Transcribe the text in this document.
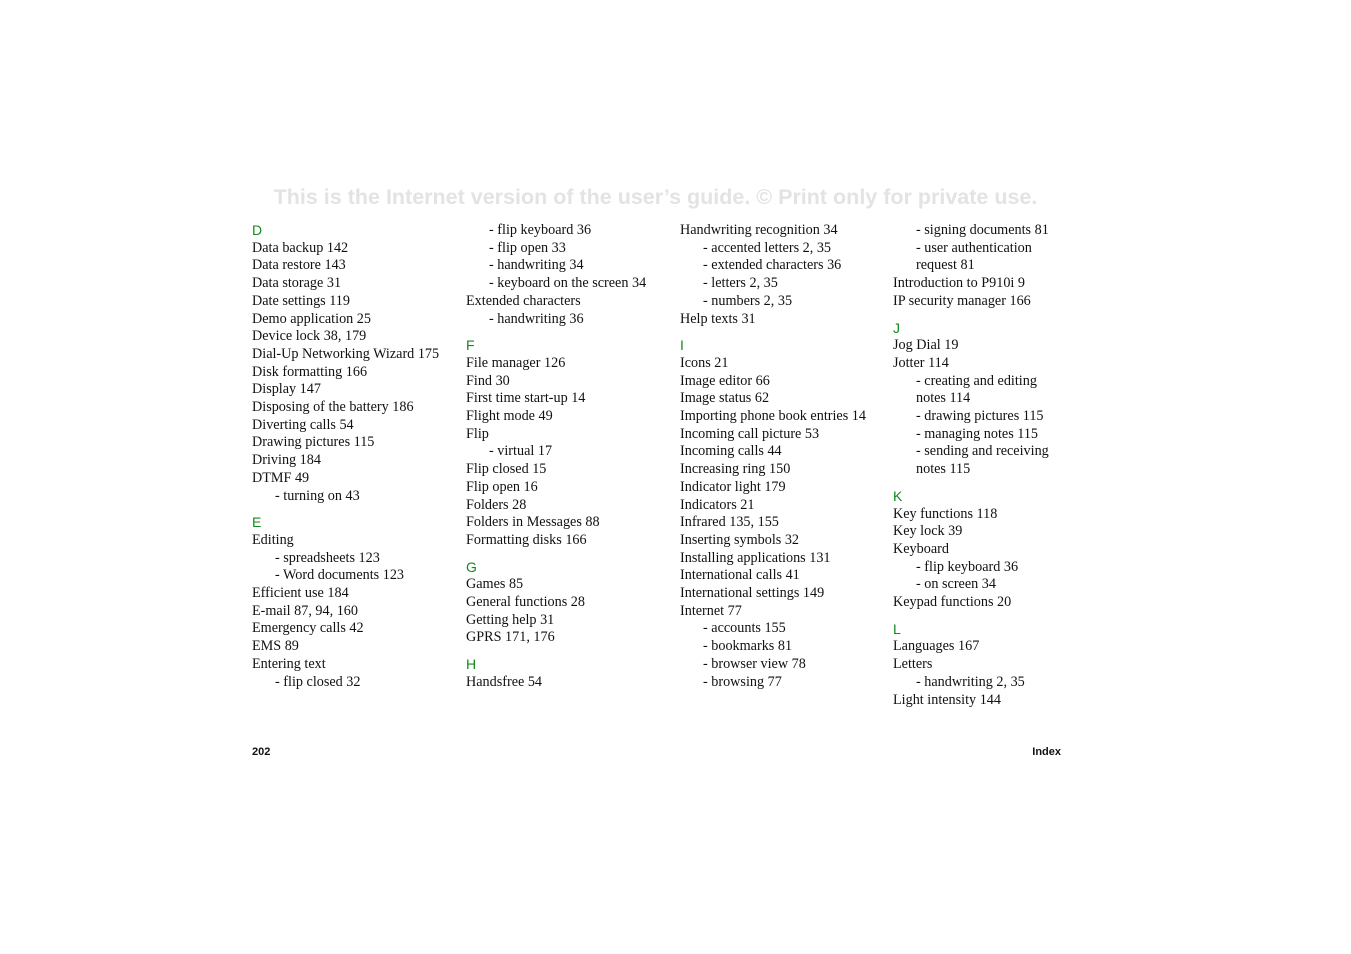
This is the Internet version of the user’s guide. © Print only for private use.
D
Data backup 142
Data restore 143
Data storage 31
Date settings 119
Demo application 25
Device lock 38, 179
Dial-Up Networking Wizard 175
Disk formatting 166
Display 147
Disposing of the battery 186
Diverting calls 54
Drawing pictures 115
Driving 184
DTMF 49
- turning on 43
E
Editing
- spreadsheets 123
- Word documents 123
Efficient use 184
E-mail 87, 94, 160
Emergency calls 42
EMS 89
Entering text
- flip closed 32
- flip keyboard 36
- flip open 33
- handwriting 34
- keyboard on the screen 34
Extended characters
- handwriting 36
F
File manager 126
Find 30
First time start-up 14
Flight mode 49
Flip
- virtual 17
Flip closed 15
Flip open 16
Folders 28
Folders in Messages 88
Formatting disks 166
G
Games 85
General functions 28
Getting help 31
GPRS 171, 176
H
Handsfree 54
Handwriting recognition 34
- accented letters 2, 35
- extended characters 36
- letters 2, 35
- numbers 2, 35
Help texts 31
I
Icons 21
Image editor 66
Image status 62
Importing phone book entries 14
Incoming call picture 53
Incoming calls 44
Increasing ring 150
Indicator light 179
Indicators 21
Infrared 135, 155
Inserting symbols 32
Installing applications 131
International calls 41
International settings 149
Internet 77
- accounts 155
- bookmarks 81
- browser view 78
- browsing 77
- signing documents 81
- user authentication request 81
Introduction to P910i 9
IP security manager 166
J
Jog Dial 19
Jotter 114
- creating and editing notes 114
- drawing pictures 115
- managing notes 115
- sending and receiving notes 115
K
Key functions 118
Key lock 39
Keyboard
- flip keyboard 36
- on screen 34
Keypad functions 20
L
Languages 167
Letters
- handwriting 2, 35
Light intensity 144
202	Index
